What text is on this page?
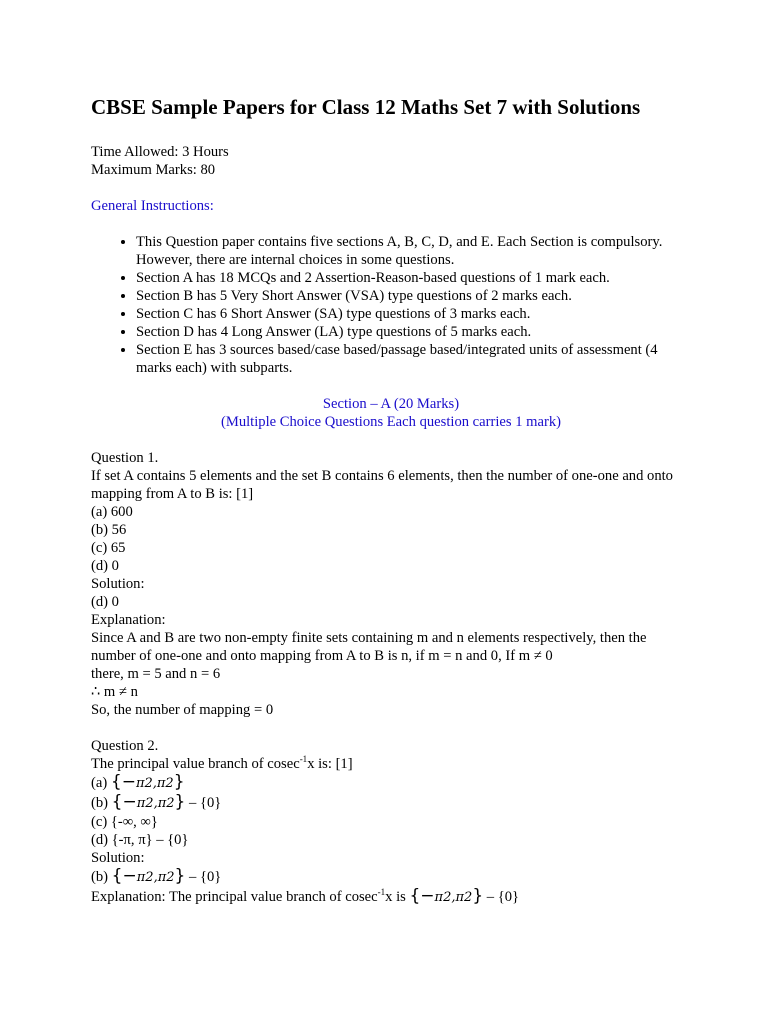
CBSE Sample Papers for Class 12 Maths Set 7 with Solutions

Time Allowed: 3 Hours

Maximum Marks: 80

General Instructions:

• This Question paper contains five sections A, B, C, D, and E. Each Section is compulsory. However, there are internal choices in some questions.
• Section A has 18 MCQs and 2 Assertion-Reason-based questions of 1 mark each.
• Section B has 5 Very Short Answer (VSA) type questions of 2 marks each.
• Section C has 6 Short Answer (SA) type questions of 3 marks each.
• Section D has 4 Long Answer (LA) type questions of 5 marks each.
• Section E has 3 sources based/case based/passage based/integrated units of assessment (4 marks each) with subparts.

Section – A (20 Marks)

(Multiple Choice Questions Each question carries 1 mark)

Question 1.

If set A contains 5 elements and the set B contains 6 elements, then the number of one-one and onto mapping from A to B is: [1]

(a) 600

(b) 56

(c) 65

(d) 0

Solution:

(d) 0

Explanation:

Since A and B are two non-empty finite sets containing m and n elements respectively, then the number of one-one and onto mapping from A to B is n, if m = n and 0, If m ≠ 0

there, m = 5 and n = 6

∴ m ≠ n

So, the number of mapping = 0

Question 2.

The principal value branch of cosec$^{-1}$x is: [1]

(a) {−π2,π2}

(b) {−π2,π2} – {0}

(c) {-∞, ∞}

(d) {-π, π} – {0}

Solution:

(b) {−π2,π2} – {0}

Explanation: The principal value branch of cosec$^{-1}$x is {−π2,π2} – {0}
